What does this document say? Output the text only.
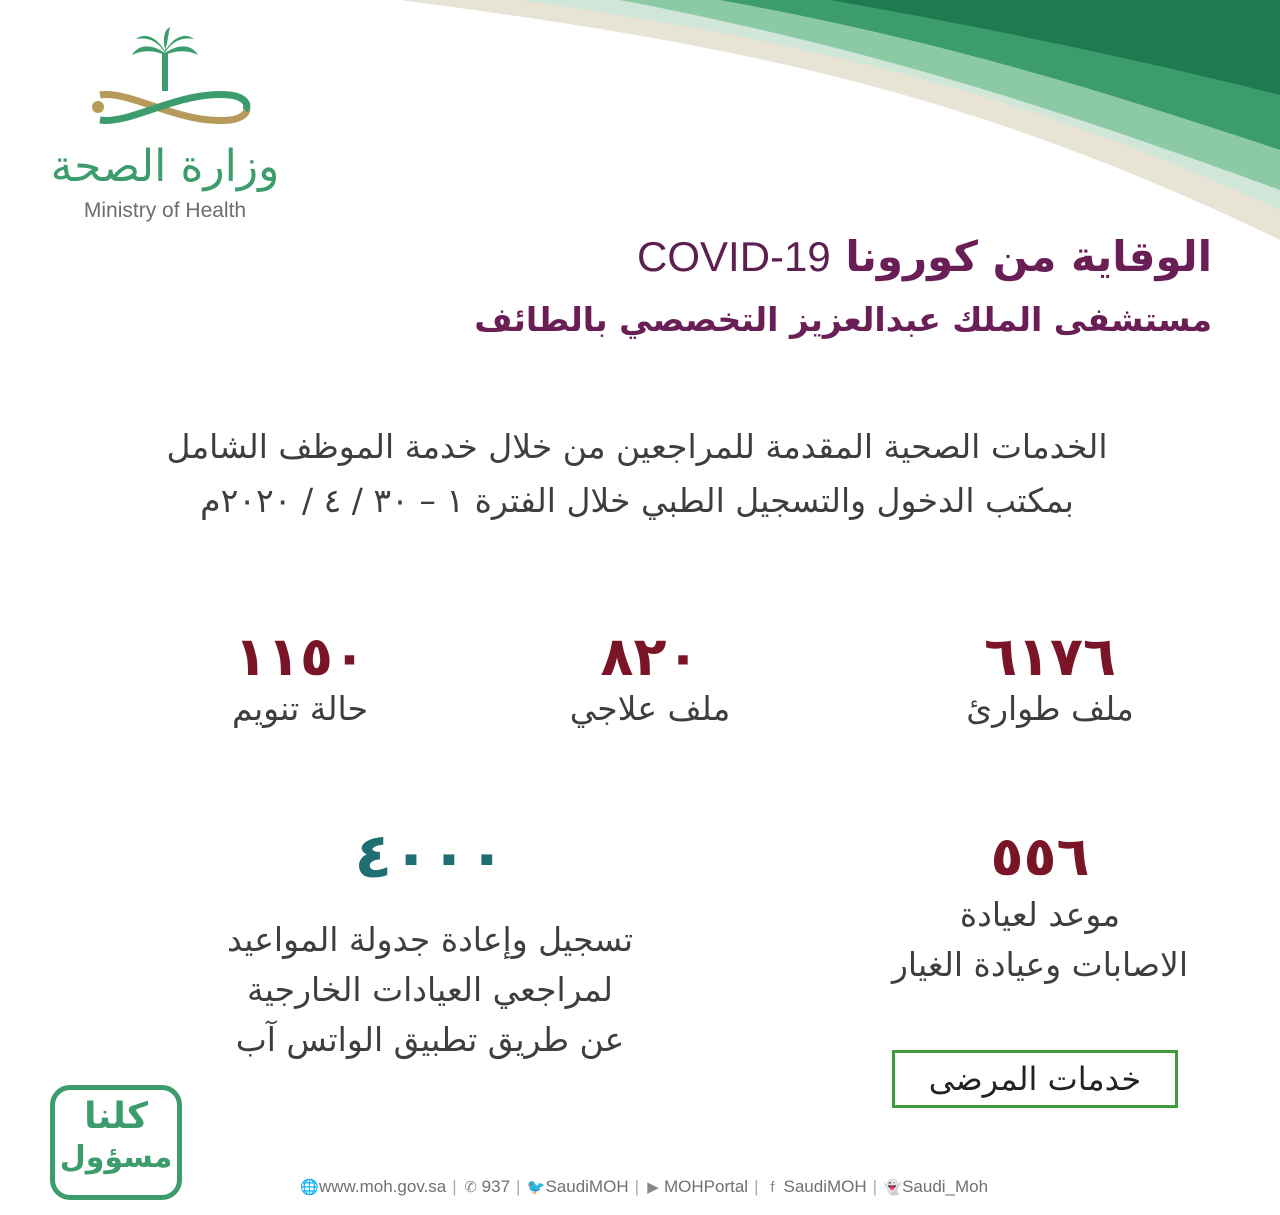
وزارة الصحة
Ministry of Health
الوقاية من كورونا COVID-19
مستشفى الملك عبدالعزيز التخصصي بالطائف
الخدمات الصحية المقدمة للمراجعين من خلال خدمة الموظف الشامل
بمكتب الدخول والتسجيل الطبي خلال الفترة ١ – ٣٠ / ٤ / ٢٠٢٠م
٦١٧٦
ملف طوارئ
٨٢٠
ملف علاجي
١١٥٠
حالة تنويم
٥٥٦
موعد لعيادة
الاصابات وعيادة الغيار
٤٠٠٠
تسجيل وإعادة جدولة المواعيد
لمراجعي العيادات الخارجية
عن طريق تطبيق الواتس آب
خدمات المرضى
كلنا
مسؤول
🌐 www.moh.gov.sa | ✆ 937 | 🐦 SaudiMOH | ▶ MOHPortal | f SaudiMOH | 👻 Saudi_Moh
